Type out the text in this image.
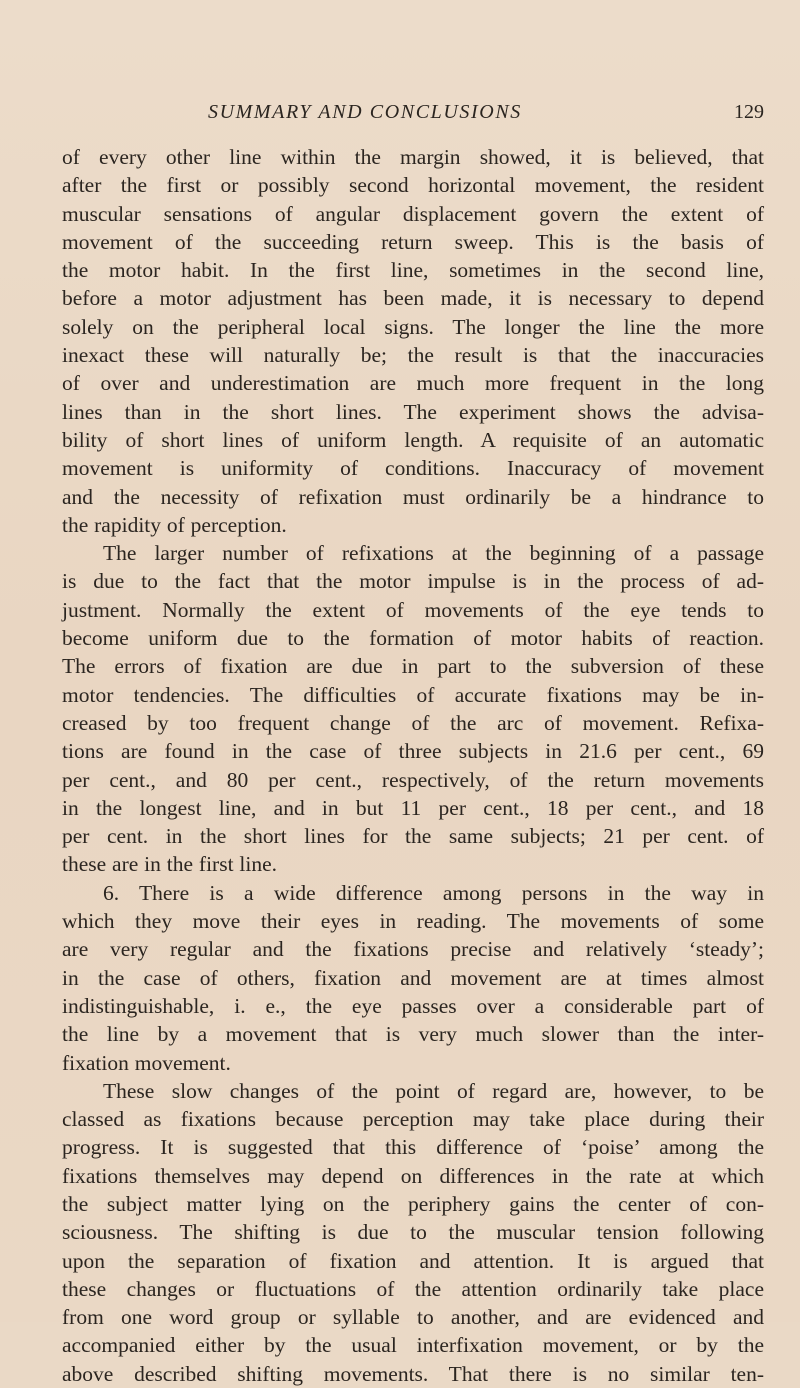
SUMMARY AND CONCLUSIONS	129
of every other line within the margin showed, it is believed, that
after the first or possibly second horizontal movement, the resident
muscular sensations of angular displacement govern the extent of
movement of the succeeding return sweep. This is the basis of
the motor habit. In the first line, sometimes in the second line,
before a motor adjustment has been made, it is necessary to depend
solely on the peripheral local signs. The longer the line the more
inexact these will naturally be; the result is that the inaccuracies
of over and underestimation are much more frequent in the long
lines than in the short lines. The experiment shows the advisa-
bility of short lines of uniform length. A requisite of an automatic
movement is uniformity of conditions. Inaccuracy of movement
and the necessity of refixation must ordinarily be a hindrance to
the rapidity of perception.
The larger number of refixations at the beginning of a passage
is due to the fact that the motor impulse is in the process of ad-
justment. Normally the extent of movements of the eye tends to
become uniform due to the formation of motor habits of reaction.
The errors of fixation are due in part to the subversion of these
motor tendencies. The difficulties of accurate fixations may be in-
creased by too frequent change of the arc of movement. Refixa-
tions are found in the case of three subjects in 21.6 per cent., 69
per cent., and 80 per cent., respectively, of the return movements
in the longest line, and in but 11 per cent., 18 per cent., and 18
per cent. in the short lines for the same subjects; 21 per cent. of
these are in the first line.
6. There is a wide difference among persons in the way in
which they move their eyes in reading. The movements of some
are very regular and the fixations precise and relatively ‘steady’;
in the case of others, fixation and movement are at times almost
indistinguishable, i. e., the eye passes over a considerable part of
the line by a movement that is very much slower than the inter-
fixation movement.
These slow changes of the point of regard are, however, to be
classed as fixations because perception may take place during their
progress. It is suggested that this difference of ‘poise’ among the
fixations themselves may depend on differences in the rate at which
the subject matter lying on the periphery gains the center of con-
sciousness. The shifting is due to the muscular tension following
upon the separation of fixation and attention. It is argued that
these changes or fluctuations of the attention ordinarily take place
from one word group or syllable to another, and are evidenced and
accompanied either by the usual interfixation movement, or by the
above described shifting movements. That there is no similar ten-
